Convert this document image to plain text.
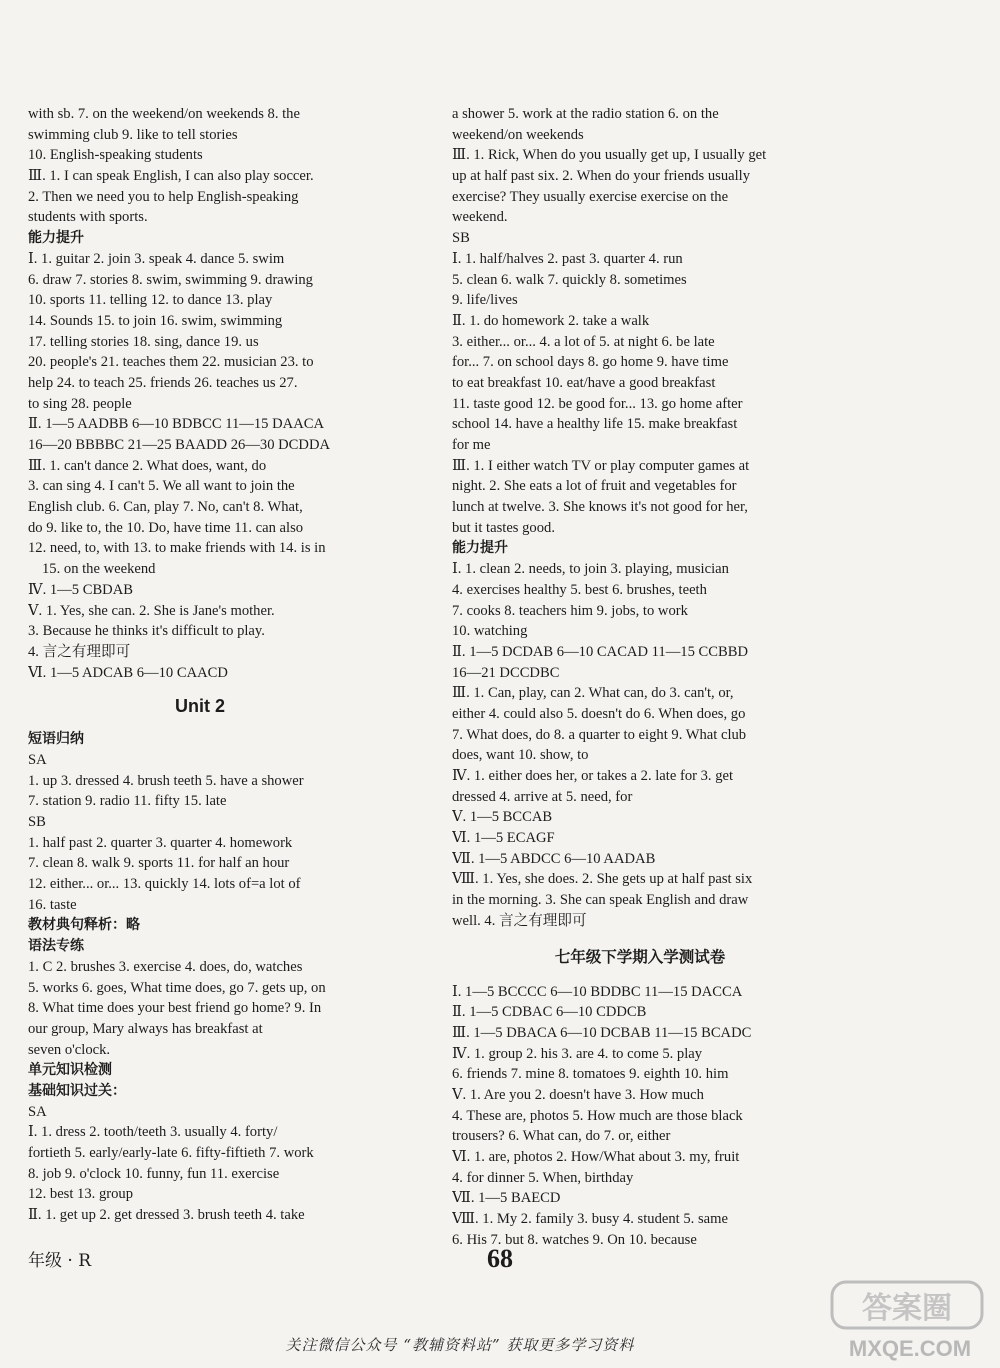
with sb. 7. on the weekend/on weekends 8. the
swimming club 9. like to tell stories
10. English-speaking students
Ⅲ. 1. I can speak English, I can also play soccer.
2. Then we need you to help English-speaking
students with sports.
能力提升
Ⅰ. 1. guitar 2. join 3. speak 4. dance 5. swim
6. draw 7. stories 8. swim, swimming 9. drawing
10. sports 11. telling 12. to dance 13. play
14. Sounds 15. to join 16. swim, swimming
17. telling stories 18. sing, dance 19. us
20. people's 21. teaches them 22. musician 23. to
help 24. to teach 25. friends 26. teaches us 27.
to sing 28. people
Ⅱ. 1—5 AADBB 6—10 BDBCC 11—15 DAACA
16—20 BBBBC 21—25 BAADD 26—30 DCDDA
Ⅲ. 1. can't dance 2. What does, want, do
3. can sing 4. I can't 5. We all want to join the
English club. 6. Can, play 7. No, can't 8. What,
do 9. like to, the 10. Do, have time 11. can also
12. need, to, with 13. to make friends with 14. is in
15. on the weekend
Ⅳ. 1—5 CBDAB
Ⅴ. 1. Yes, she can. 2. She is Jane's mother.
3. Because he thinks it's difficult to play.
4. 言之有理即可
Ⅵ. 1—5 ADCAB 6—10 CAACD
Unit 2
短语归纳
SA
1. up 3. dressed 4. brush teeth 5. have a shower
7. station 9. radio 11. fifty 15. late
SB
1. half past 2. quarter 3. quarter 4. homework
7. clean 8. walk 9. sports 11. for half an hour
12. either... or... 13. quickly 14. lots of=a lot of
16. taste
教材典句释析：略
语法专练
1. C 2. brushes 3. exercise 4. does, do, watches
5. works 6. goes, What time does, go 7. gets up, on
8. What time does your best friend go home? 9. In
our group, Mary always has breakfast at
seven o'clock.
单元知识检测
基础知识过关：
SA
Ⅰ. 1. dress 2. tooth/teeth 3. usually 4. forty/
fortieth 5. early/early-late 6. fifty-fiftieth 7. work
8. job 9. o'clock 10. funny, fun 11. exercise
12. best 13. group
Ⅱ. 1. get up 2. get dressed 3. brush teeth 4. take
a shower 5. work at the radio station 6. on the
weekend/on weekends
Ⅲ. 1. Rick, When do you usually get up, I usually get
up at half past six. 2. When do your friends usually
exercise? They usually exercise exercise on the
weekend.
SB
Ⅰ. 1. half/halves 2. past 3. quarter 4. run
5. clean 6. walk 7. quickly 8. sometimes
9. life/lives
Ⅱ. 1. do homework 2. take a walk
3. either... or... 4. a lot of 5. at night 6. be late
for... 7. on school days 8. go home 9. have time
to eat breakfast 10. eat/have a good breakfast
11. taste good 12. be good for... 13. go home after
school 14. have a healthy life 15. make breakfast
for me
Ⅲ. 1. I either watch TV or play computer games at
night. 2. She eats a lot of fruit and vegetables for
lunch at twelve. 3. She knows it's not good for her,
but it tastes good.
能力提升
Ⅰ. 1. clean 2. needs, to join 3. playing, musician
4. exercises healthy 5. best 6. brushes, teeth
7. cooks 8. teachers him 9. jobs, to work
10. watching
Ⅱ. 1—5 DCDAB 6—10 CACAD 11—15 CCBBD
16—21 DCCDBC
Ⅲ. 1. Can, play, can 2. What can, do 3. can't, or,
either 4. could also 5. doesn't do 6. When does, go
7. What does, do 8. a quarter to eight 9. What club
does, want 10. show, to
Ⅳ. 1. either does her, or takes a 2. late for 3. get
dressed 4. arrive at 5. need, for
Ⅴ. 1—5 BCCAB
Ⅵ. 1—5 ECAGF
Ⅶ. 1—5 ABDCC 6—10 AADAB
Ⅷ. 1. Yes, she does. 2. She gets up at half past six
in the morning. 3. She can speak English and draw
well. 4. 言之有理即可
七年级下学期入学测试卷
Ⅰ. 1—5 BCCCC 6—10 BDDBC 11—15 DACCA
Ⅱ. 1—5 CDBAC 6—10 CDDCB
Ⅲ. 1—5 DBACA 6—10 DCBAB 11—15 BCADC
Ⅳ. 1. group 2. his 3. are 4. to come 5. play
6. friends 7. mine 8. tomatoes 9. eighth 10. him
Ⅴ. 1. Are you 2. doesn't have 3. How much
4. These are, photos 5. How much are those black
trousers? 6. What can, do 7. or, either
Ⅵ. 1. are, photos 2. How/What about 3. my, fruit
4. for dinner 5. When, birthday
Ⅶ. 1—5 BAECD
Ⅷ. 1. My 2. family 3. busy 4. student 5. same
6. His 7. but 8. watches 9. On 10. because
年级 · R	68
关注微信公众号 “教辅资料站” 获取更多学习资料
答案圈
MXQE.COM
